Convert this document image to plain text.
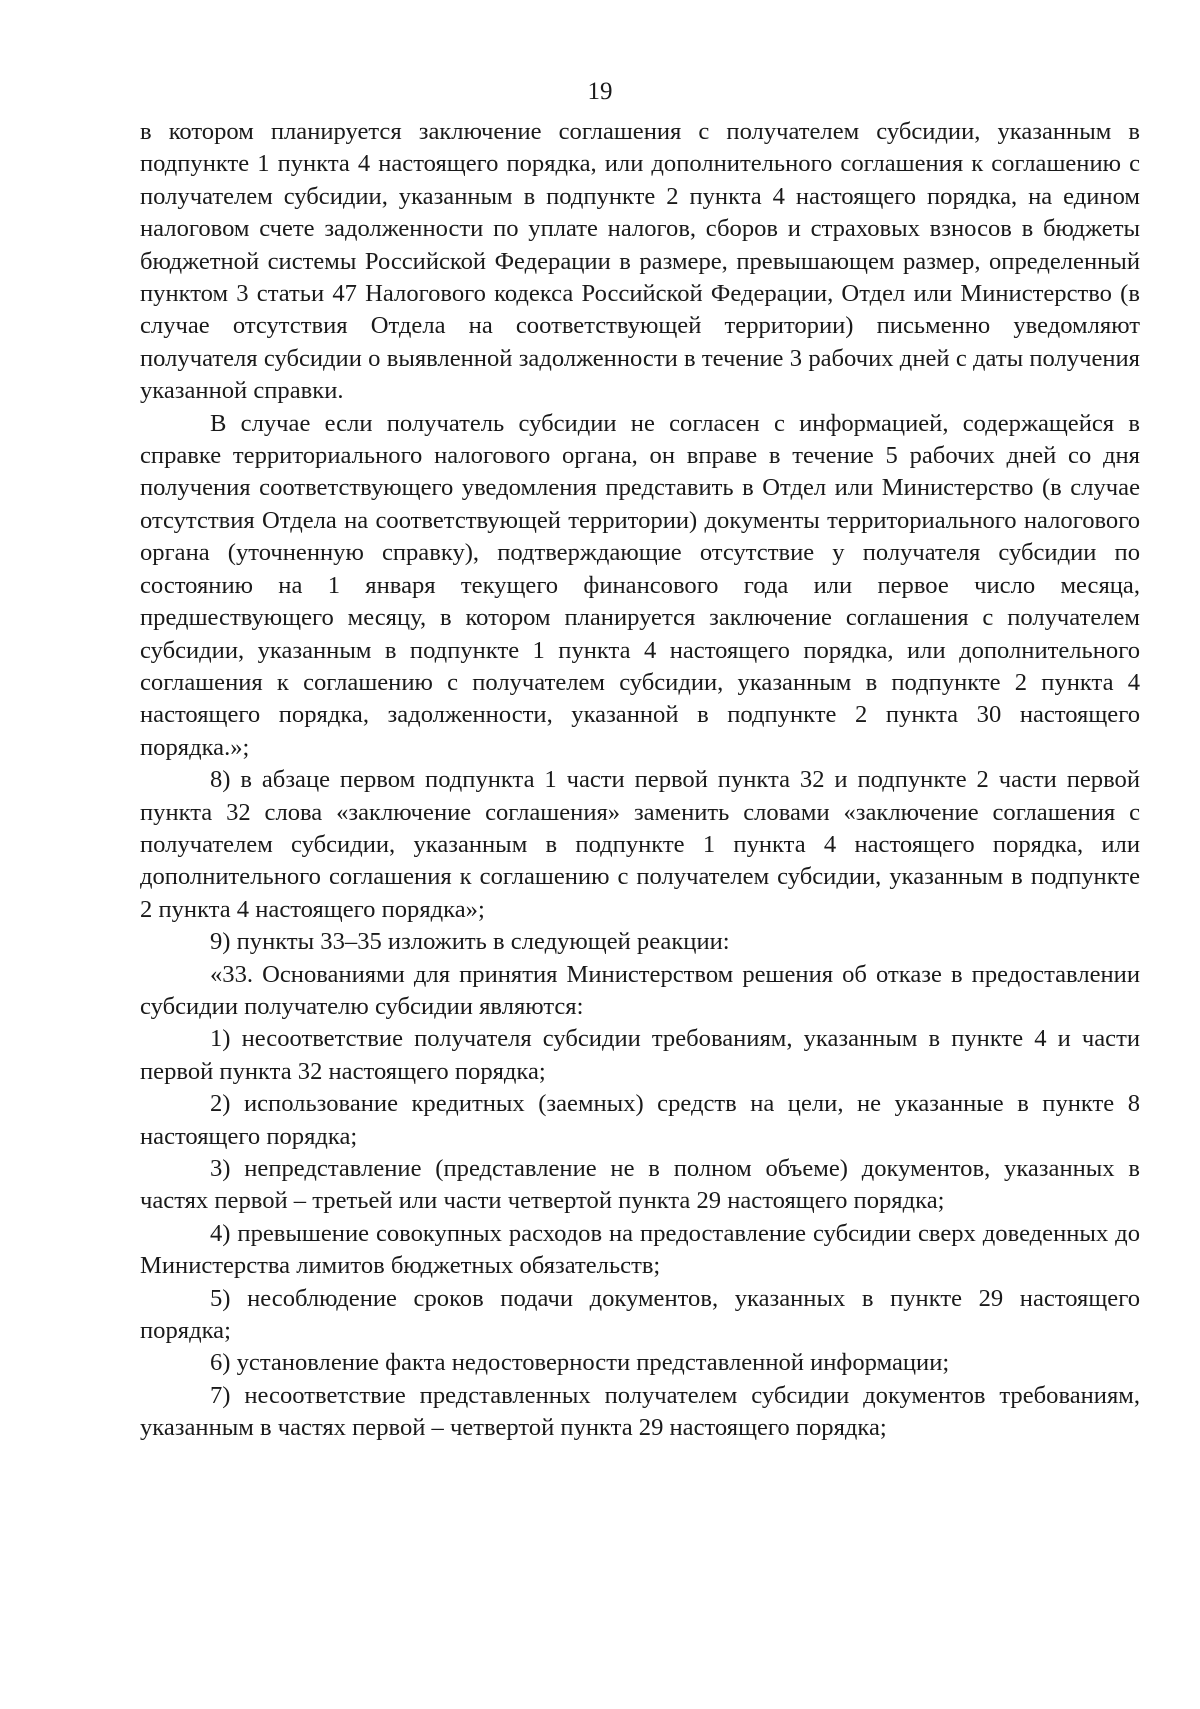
19

в котором планируется заключение соглашения с получателем субсидии, указанным в подпункте 1 пункта 4 настоящего порядка, или дополнительного соглашения к соглашению с получателем субсидии, указанным в подпункте 2 пункта 4 настоящего порядка, на едином налоговом счете задолженности по уплате налогов, сборов и страховых взносов в бюджеты бюджетной системы Российской Федерации в размере, превышающем размер, определенный пунктом 3 статьи 47 Налогового кодекса Российской Федерации, Отдел или Министерство (в случае отсутствия Отдела на соответствующей территории) письменно уведомляют получателя субсидии о выявленной задолженности в течение 3 рабочих дней с даты получения указанной справки.

В случае если получатель субсидии не согласен с информацией, содержащейся в справке территориального налогового органа, он вправе в течение 5 рабочих дней со дня получения соответствующего уведомления представить в Отдел или Министерство (в случае отсутствия Отдела на соответствующей территории) документы территориального налогового органа (уточненную справку), подтверждающие отсутствие у получателя субсидии по состоянию на 1 января текущего финансового года или первое число месяца, предшествующего месяцу, в котором планируется заключение соглашения с получателем субсидии, указанным в подпункте 1 пункта 4 настоящего порядка, или дополнительного соглашения к соглашению с получателем субсидии, указанным в подпункте 2 пункта 4 настоящего порядка, задолженности, указанной в подпункте 2 пункта 30 настоящего порядка.»;

8) в абзаце первом подпункта 1 части первой пункта 32 и подпункте 2 части первой пункта 32 слова «заключение соглашения» заменить словами «заключение соглашения с получателем субсидии, указанным в подпункте 1 пункта 4 настоящего порядка, или дополнительного соглашения к соглашению с получателем субсидии, указанным в подпункте 2 пункта 4 настоящего порядка»;

9) пункты 33–35 изложить в следующей реакции:

«33. Основаниями для принятия Министерством решения об отказе в предоставлении субсидии получателю субсидии являются:

1) несоответствие получателя субсидии требованиям, указанным в пункте 4 и части первой пункта 32 настоящего порядка;

2) использование кредитных (заемных) средств на цели, не указанные в пункте 8 настоящего порядка;

3) непредставление (представление не в полном объеме) документов, указанных в частях первой – третьей или части четвертой пункта 29 настоящего порядка;

4) превышение совокупных расходов на предоставление субсидии сверх доведенных до Министерства лимитов бюджетных обязательств;

5) несоблюдение сроков подачи документов, указанных в пункте 29 настоящего порядка;

6) установление факта недостоверности представленной информации;

7) несоответствие представленных получателем субсидии документов требованиям, указанным в частях первой – четвертой пункта 29 настоящего порядка;
